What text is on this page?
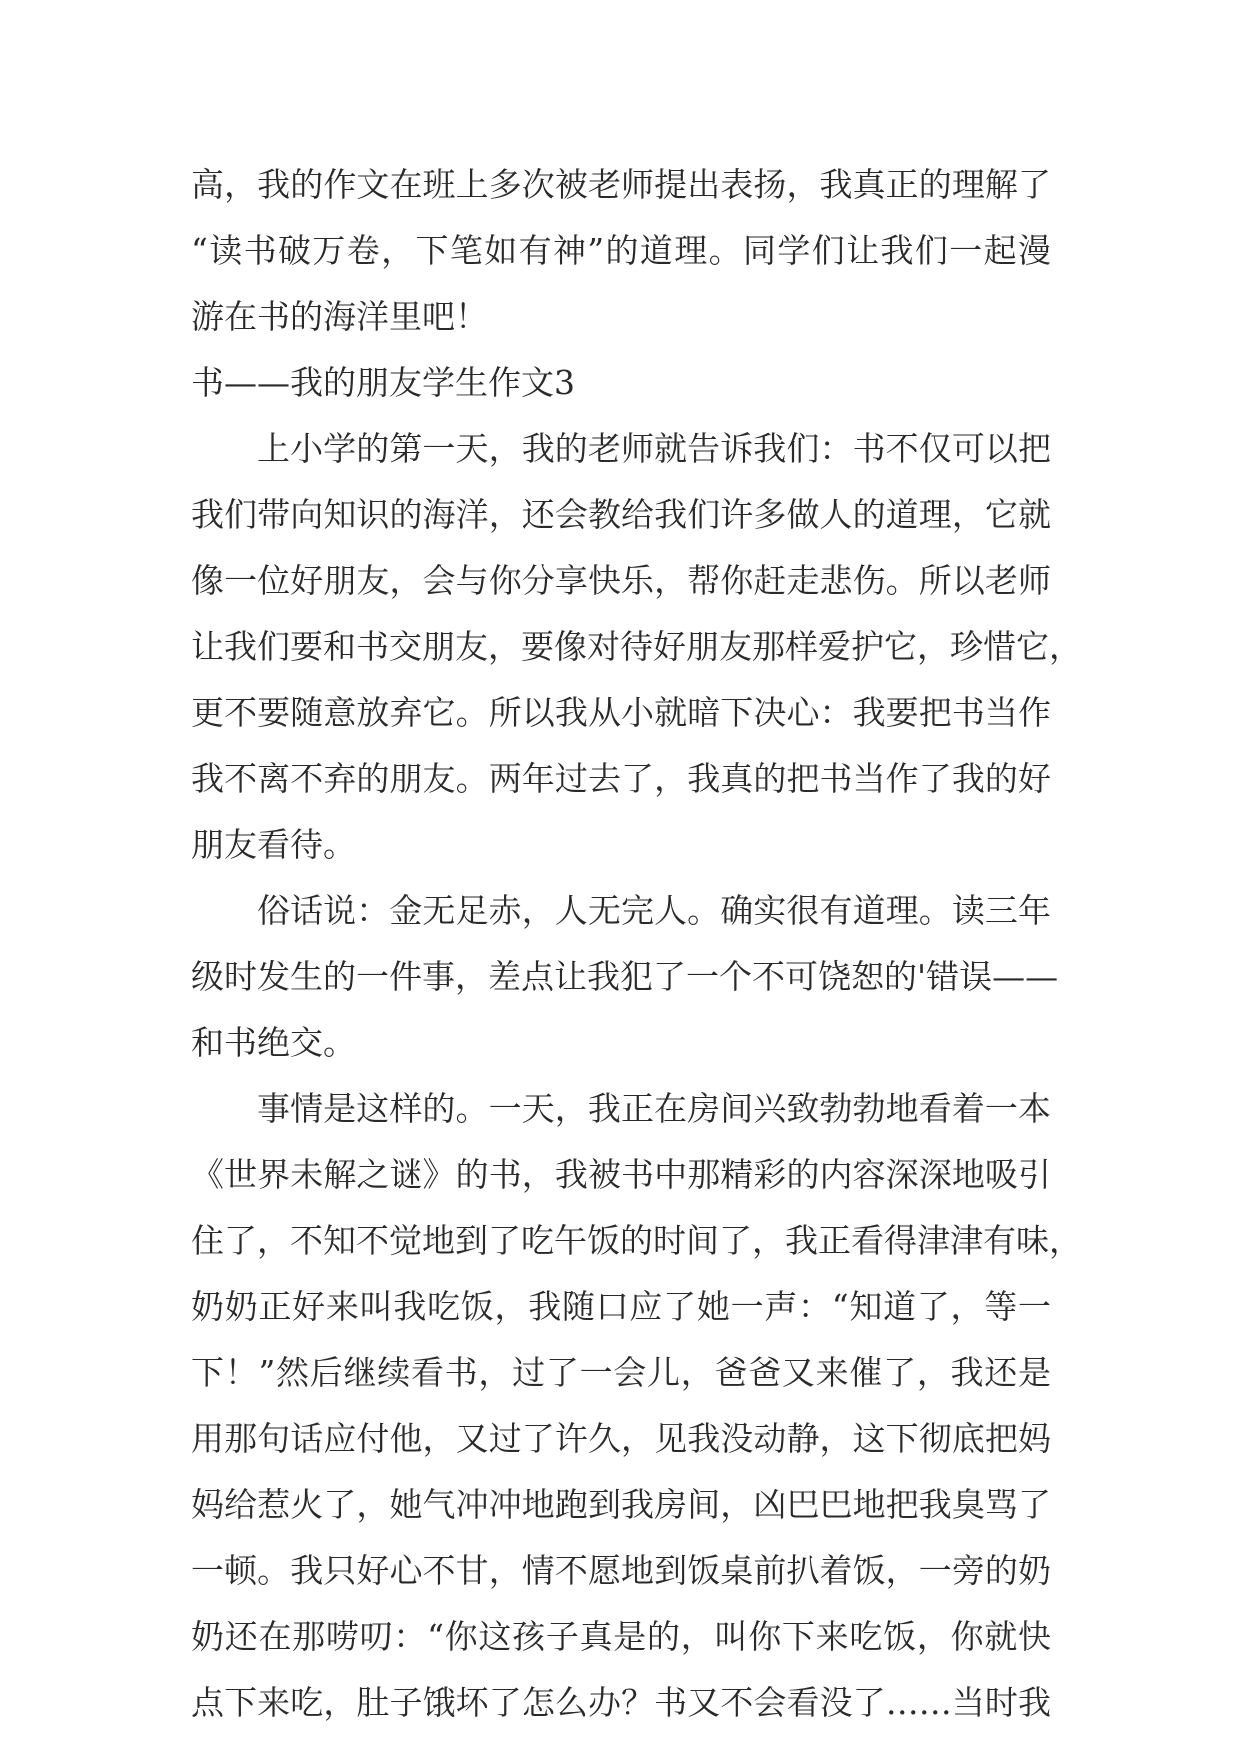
高，我的作文在班上多次被老师提出表扬，我真正的理解了
“读书破万卷，下笔如有神”的道理。同学们让我们一起漫
游在书的海洋里吧！
书——我的朋友学生作文3
上小学的第一天，我的老师就告诉我们：书不仅可以把
我们带向知识的海洋，还会教给我们许多做人的道理，它就
像一位好朋友，会与你分享快乐，帮你赶走悲伤。所以老师
让我们要和书交朋友，要像对待好朋友那样爱护它，珍惜它，
更不要随意放弃它。所以我从小就暗下决心：我要把书当作
我不离不弃的朋友。两年过去了，我真的把书当作了我的好
朋友看待。
俗话说：金无足赤，人无完人。确实很有道理。读三年
级时发生的一件事，差点让我犯了一个不可饶恕的'错误——
和书绝交。
事情是这样的。一天，我正在房间兴致勃勃地看着一本
《世界未解之谜》的书，我被书中那精彩的内容深深地吸引
住了，不知不觉地到了吃午饭的时间了，我正看得津津有味，
奶奶正好来叫我吃饭，我随口应了她一声：“知道了，等一
下！”然后继续看书，过了一会儿，爸爸又来催了，我还是
用那句话应付他，又过了许久，见我没动静，这下彻底把妈
妈给惹火了，她气冲冲地跑到我房间，凶巴巴地把我臭骂了
一顿。我只好心不甘，情不愿地到饭桌前扒着饭，一旁的奶
奶还在那唠叨：“你这孩子真是的，叫你下来吃饭，你就快
点下来吃，肚子饿坏了怎么办？书又不会看没了……当时我
